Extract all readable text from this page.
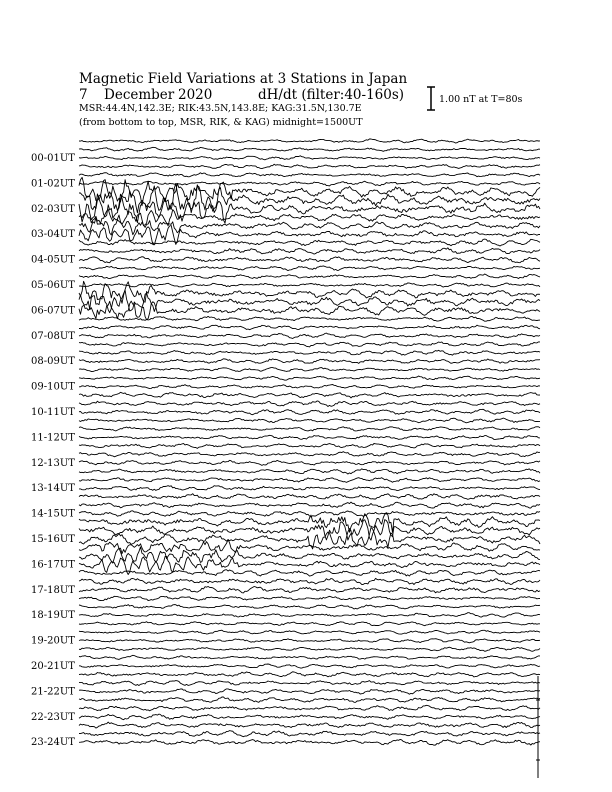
Magnetic Field Variations at 3 Stations in Japan
7 December 2020	dH/dt (filter:40-160s)
MSR:44.4N,142.3E; RIK:43.5N,143.8E; KAG:31.5N,130.7E
(from bottom to top, MSR, RIK, & KAG) midnight=1500UT
1.00 nT at T=80s
00-01UT
01-02UT
02-03UT
03-04UT
04-05UT
05-06UT
06-07UT
07-08UT
08-09UT
09-10UT
10-11UT
11-12UT
12-13UT
13-14UT
14-15UT
15-16UT
16-17UT
17-18UT
18-19UT
19-20UT
20-21UT
21-22UT
22-23UT
23-24UT
